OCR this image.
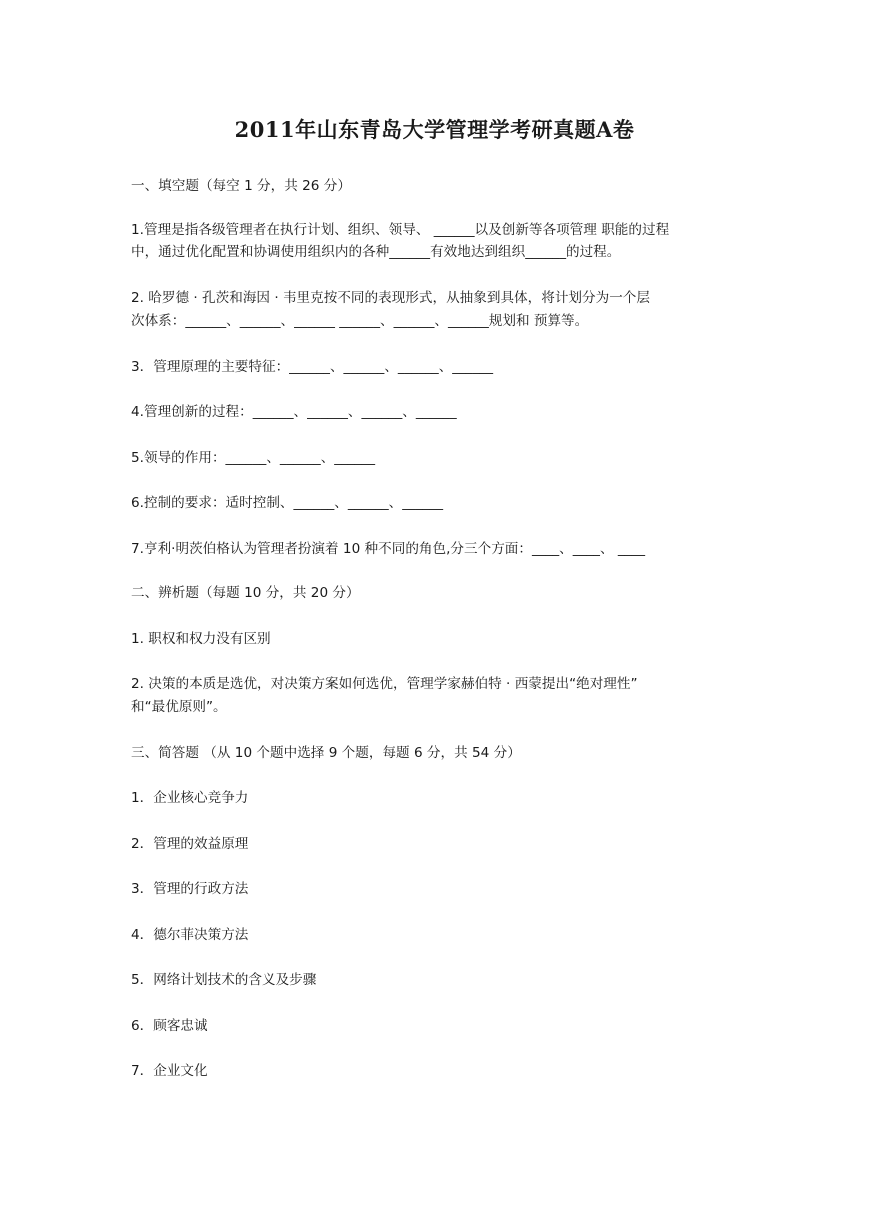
2011年山东青岛大学管理学考研真题A卷

一、填空题（每空 1 分，共 26 分）

1.管理是指各级管理者在执行计划、组织、领导、 ______以及创新等各项管理 职能的过程

中，通过优化配置和协调使用组织内的各种______有效地达到组织______的过程。

2. 哈罗德 · 孔茨和海因 · 韦里克按不同的表现形式，从抽象到具体，将计划分为一个层

次体系：______、______、______ ______、______、______规划和 预算等。

3．管理原理的主要特征：______、______、______、______

4.管理创新的过程：______、______、______、______

5.领导的作用：______、______、______

6.控制的要求：适时控制、______、______、______

7.亨利·明茨伯格认为管理者扮演着 10 种不同的角色,分三个方面：____、____、 ____

二、辨析题（每题 10 分，共 20 分）

1. 职权和权力没有区别

2. 决策的本质是选优，对决策方案如何选优，管理学家赫伯特 · 西蒙提出“绝对理性”

和“最优原则”。

三、简答题 （从 10 个题中选择 9 个题，每题 6 分，共 54 分）

1．企业核心竞争力

2．管理的效益原理

3．管理的行政方法

4．德尔菲决策方法

5．网络计划技术的含义及步骤

6．顾客忠诚

7．企业文化
